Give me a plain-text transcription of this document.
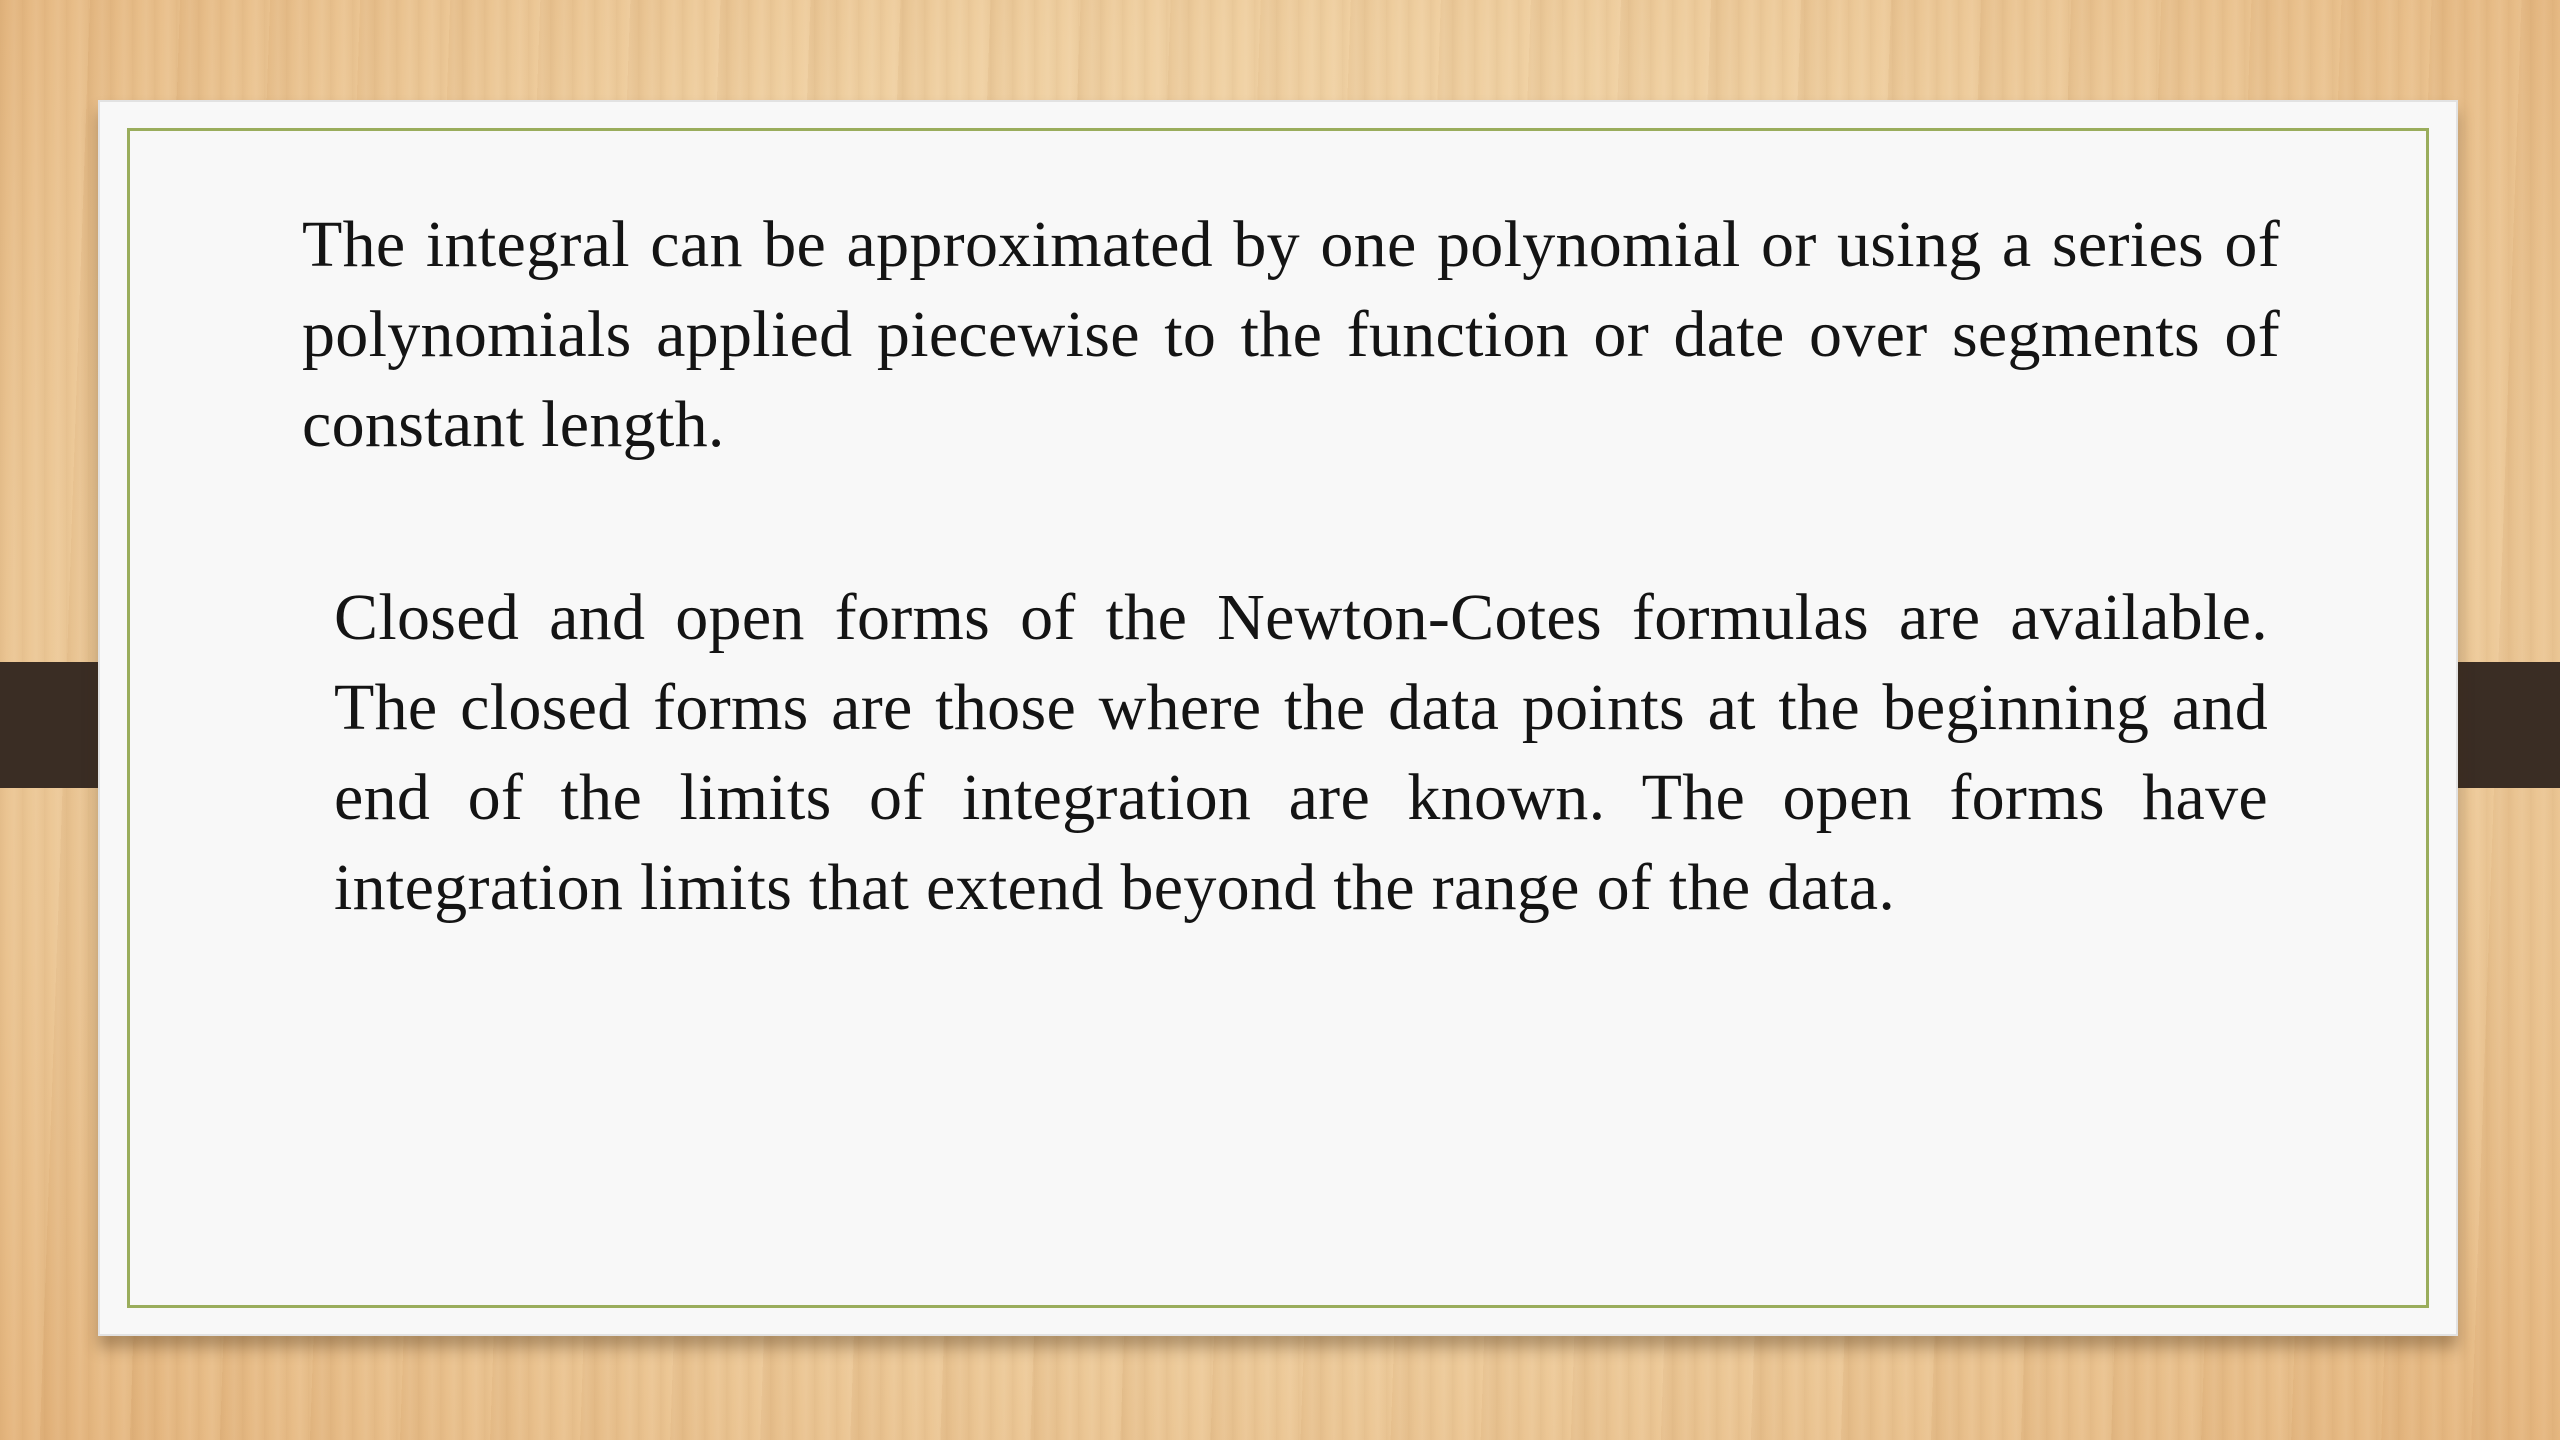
The integral can be approximated by one polynomial or using a series of polynomials applied piecewise to the function or date over segments of constant length.

Closed and open forms of the Newton-Cotes formulas are available. The closed forms are those where the data points at the beginning and end of the limits of integration are known. The open forms have integration limits that extend beyond the range of the data.
